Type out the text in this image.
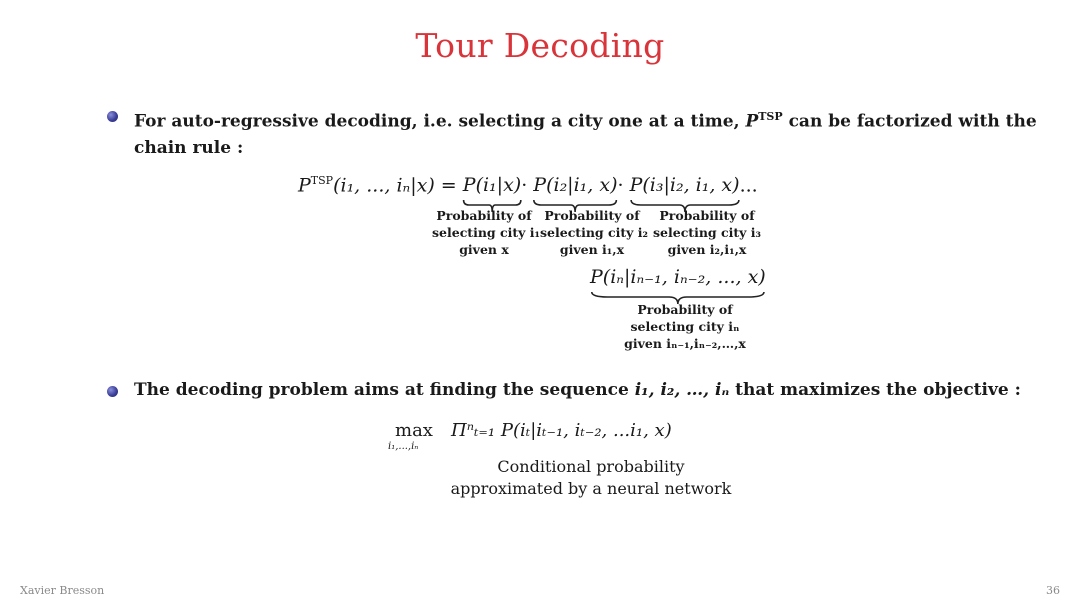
Tour Decoding
For auto-regressive decoding, i.e. selecting a city one at a time, $P^{TSP}$ can be factorized with the
chain rule :
$P^{TSP}(i_1$, ..., iₙ|x) = P(i₁|x)
· P(i₂|i₁, x)
· P(i₃|i₂, i₁, x)
...
Probability of
selecting city i₁
given x
Probability of
selecting city i₂
given i₁,x
Probability of
selecting city i₃
given i₂,i₁,x
P(iₙ|iₙ₋₁, iₙ₋₂, ..., x)
Probability of
selecting city iₙ
given iₙ₋₁,iₙ₋₂,…,x
The decoding problem aims at finding the sequence i₁, i₂, …, iₙ that maximizes the objective :
max
i₁,...,iₙ
Πⁿₜ₌₁ P(iₜ|iₜ₋₁, iₜ₋₂, ...i₁, x)
Conditional probability
approximated by a neural network
Xavier Bresson	36
